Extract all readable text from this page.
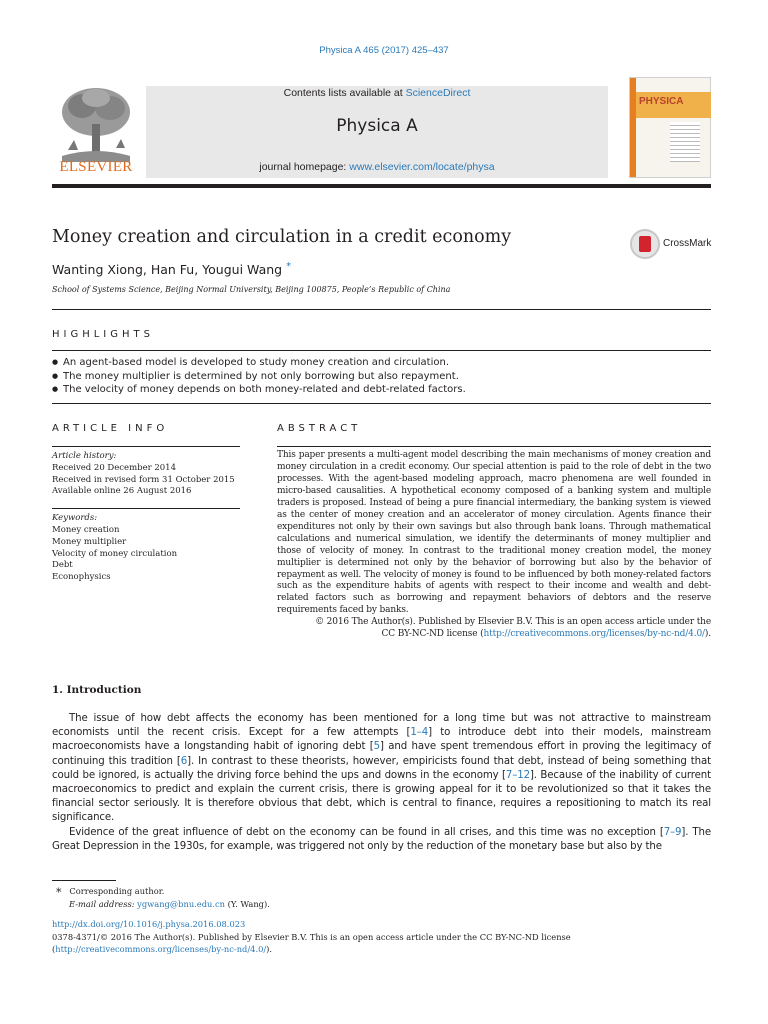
Physica A 465 (2017) 425–437
ELSEVIER
Contents lists available at ScienceDirect
Physica A
journal homepage: www.elsevier.com/locate/physa
PHYSICA
Money creation and circulation in a credit economy	CrossMark
Wanting Xiong, Han Fu, Yougui Wang *
School of Systems Science, Beijing Normal University, Beijing 100875, People’s Republic of China
HIGHLIGHTS
● An agent-based model is developed to study money creation and circulation.
● The money multiplier is determined by not only borrowing but also repayment.
● The velocity of money depends on both money-related and debt-related factors.
ARTICLE INFO	ABSTRACT
Article history:
Received 20 December 2014
Received in revised form 31 October 2015
Available online 26 August 2016
Keywords:
Money creation
Money multiplier
Velocity of money circulation
Debt
Econophysics

This paper presents a multi-agent model describing the main mechanisms of money creation and money circulation in a credit economy. Our special attention is paid to the role of debt in the two processes. With the agent-based modeling approach, macro phenomena are well founded in micro-based causalities. A hypothetical economy composed of a banking system and multiple traders is proposed. Instead of being a pure financial intermediary, the banking system is viewed as the center of money creation and an accelerator of money circulation. Agents finance their expenditures not only by their own savings but also through bank loans. Through mathematical calculations and numerical simulation, we identify the determinants of money multiplier and those of velocity of money. In contrast to the traditional money creation model, the money multiplier is determined not only by the behavior of borrowing but also by the behavior of repayment as well. The velocity of money is found to be influenced by both money-related factors such as the expenditure habits of agents with respect to their income and wealth and debt-related factors such as borrowing and repayment behaviors of debtors and the reserve requirements faced by banks.

© 2016 The Author(s). Published by Elsevier B.V. This is an open access article under the

CC BY-NC-ND license (http://creativecommons.org/licenses/by-nc-nd/4.0/).

1. Introduction

The issue of how debt affects the economy has been mentioned for a long time but was not attractive to mainstream economists until the recent crisis. Except for a few attempts [1–4] to introduce debt into their models, mainstream macroeconomists have a longstanding habit of ignoring debt [5] and have spent tremendous effort in proving the legitimacy of continuing this tradition [6]. In contrast to these theorists, however, empiricists found that debt, instead of being something that could be ignored, is actually the driving force behind the ups and downs in the economy [7–12]. Because of the inability of current macroeconomics to predict and explain the current crisis, there is growing appeal for it to be revolutionized so that it takes the financial sector seriously. It is therefore obvious that debt, which is central to finance, requires a repositioning to match its real significance.

Evidence of the great influence of debt on the economy can be found in all crises, and this time was no exception [7–9]. The Great Depression in the 1930s, for example, was triggered not only by the reduction of the monetary base but also by the

* Corresponding author.
E-mail address: ygwang@bnu.edu.cn (Y. Wang).
http://dx.doi.org/10.1016/j.physa.2016.08.023
0378-4371/© 2016 The Author(s). Published by Elsevier B.V. This is an open access article under the CC BY-NC-ND license (http://creativecommons.org/licenses/by-nc-nd/4.0/).
